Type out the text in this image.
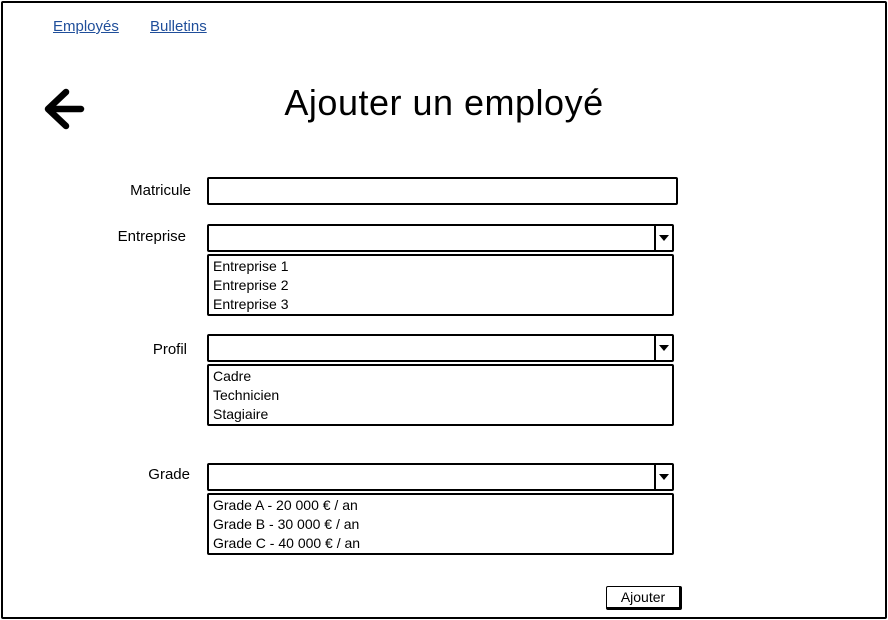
Employés Bulletins
Ajouter un employé
Matricule
Entreprise
Entreprise 1
Entreprise 2
Entreprise 3
Profil
Cadre
Technicien
Stagiaire
Grade
Grade A - 20 000 € / an
Grade B - 30 000 € / an
Grade C - 40 000 € / an
Ajouter
